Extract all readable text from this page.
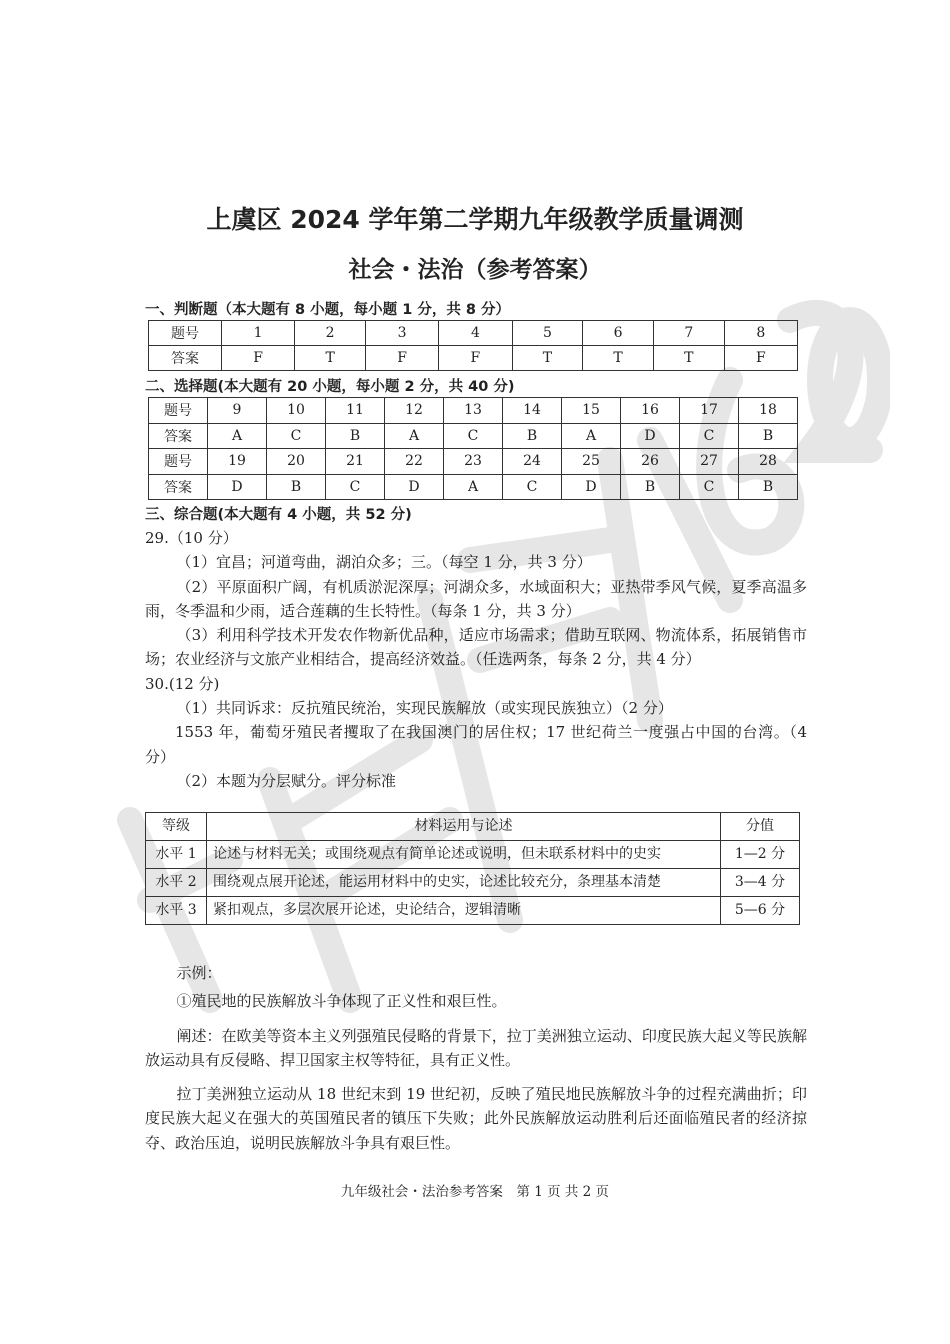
上虞区 2024 学年第二学期九年级教学质量调测
社会・法治（参考答案）
一、判断题（本大题有 8 小题，每小题 1 分，共 8 分）
题号	1	2	3	4	5	6	7	8
答案	F	T	F	F	T	T	T	F
二、选择题(本大题有 20 小题，每小题 2 分，共 40 分)
题号	9	10	11	12	13	14	15	16	17	18
答案	A	C	B	A	C	B	A	D	C	B
题号	19	20	21	22	23	24	25	26	27	28
答案	D	B	C	D	A	C	D	B	C	B
三、综合题(本大题有 4 小题，共 52 分)
29.（10 分）
（1）宜昌；河道弯曲，湖泊众多；三。（每空 1 分，共 3 分）
（2）平原面积广阔，有机质淤泥深厚；河湖众多，水域面积大；亚热带季风气候，夏季高温多雨，冬季温和少雨，适合莲藕的生长特性。（每条 1 分，共 3 分）
（3）利用科学技术开发农作物新优品种，适应市场需求；借助互联网、物流体系，拓展销售市场；农业经济与文旅产业相结合，提高经济效益。（任选两条，每条 2 分，共 4 分）
30.(12 分)
（1）共同诉求：反抗殖民统治，实现民族解放（或实现民族独立）（2 分）
1553 年，葡萄牙殖民者攫取了在我国澳门的居住权；17 世纪荷兰一度强占中国的台湾。（4 分）
（2）本题为分层赋分。评分标准
等级	材料运用与论述	分值
水平 1	论述与材料无关；或围绕观点有简单论述或说明，但未联系材料中的史实	1—2 分
水平 2	围绕观点展开论述，能运用材料中的史实，论述比较充分，条理基本清楚	3—4 分
水平 3	紧扣观点，多层次展开论述，史论结合，逻辑清晰	5—6 分
示例：
①殖民地的民族解放斗争体现了正义性和艰巨性。
阐述：在欧美等资本主义列强殖民侵略的背景下，拉丁美洲独立运动、印度民族大起义等民族解放运动具有反侵略、捍卫国家主权等特征，具有正义性。
拉丁美洲独立运动从 18 世纪末到 19 世纪初，反映了殖民地民族解放斗争的过程充满曲折；印度民族大起义在强大的英国殖民者的镇压下失败；此外民族解放运动胜利后还面临殖民者的经济掠夺、政治压迫，说明民族解放斗争具有艰巨性。
九年级社会・法治参考答案　第 1 页 共 2 页
